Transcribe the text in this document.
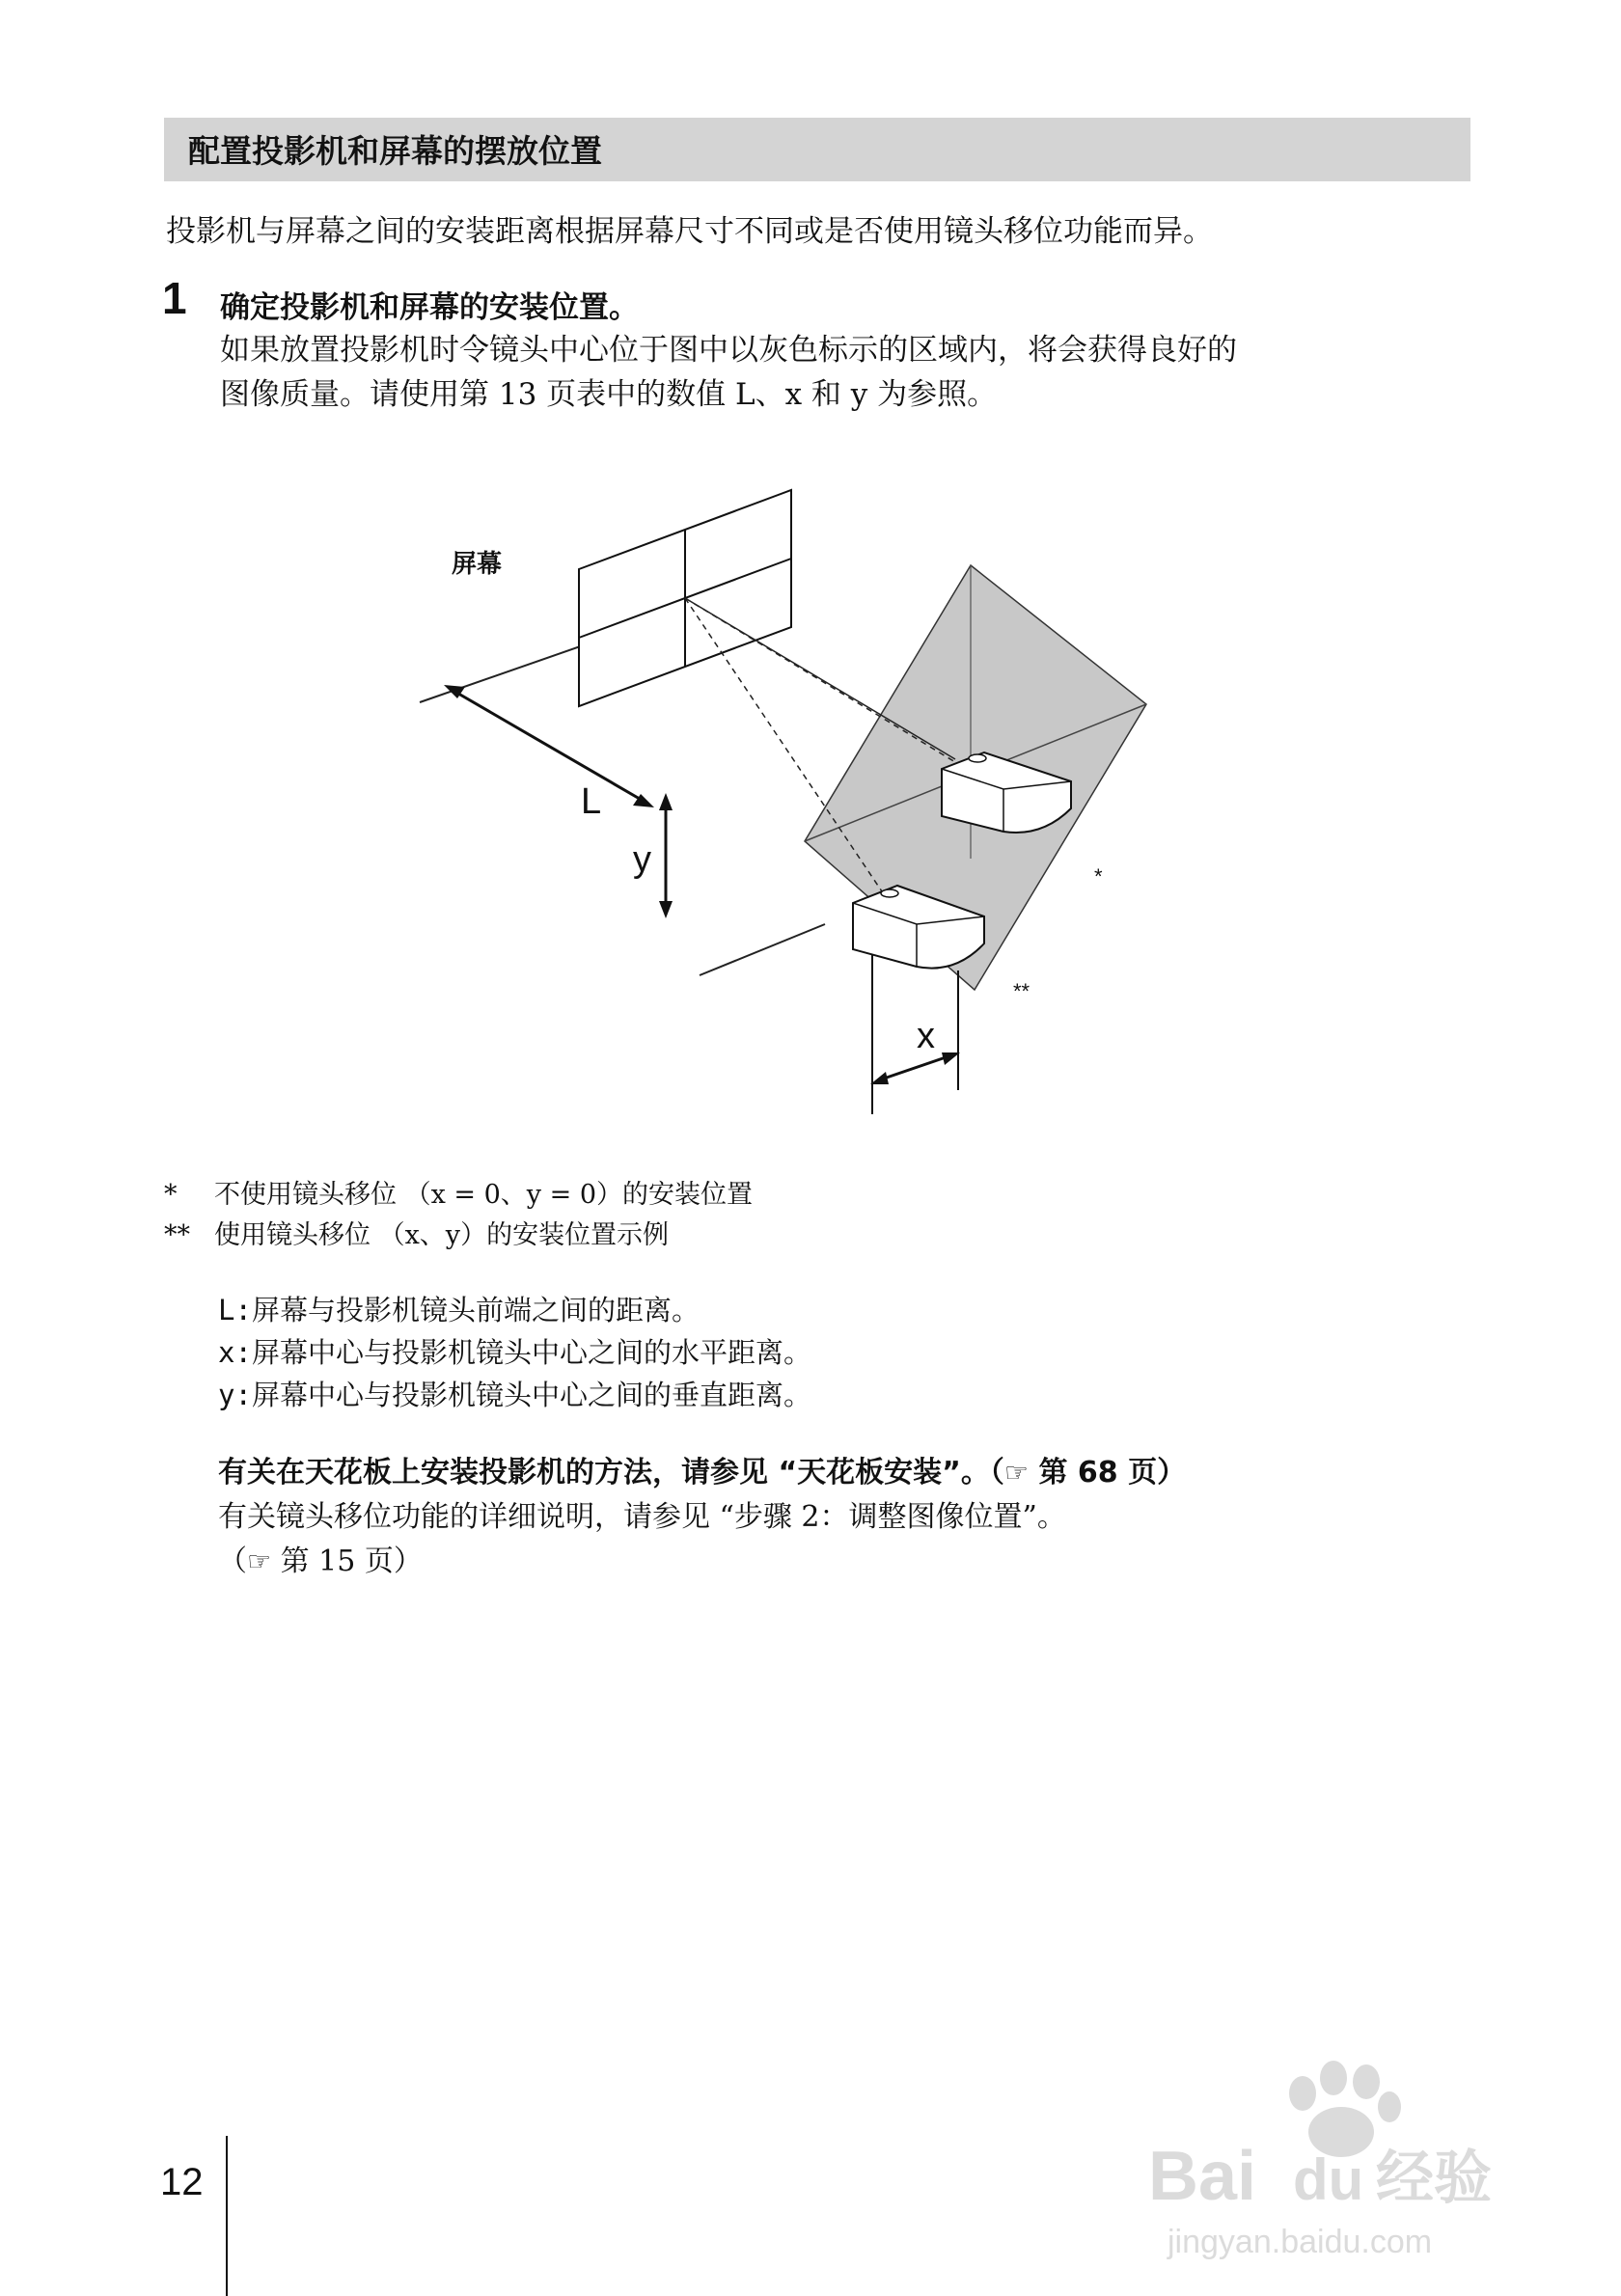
配置投影机和屏幕的摆放位置
投影机与屏幕之间的安装距离根据屏幕尺寸不同或是否使用镜头移位功能而异。
1 确定投影机和屏幕的安装位置。

如果放置投影机时令镜头中心位于图中以灰色标示的区域内，将会获得良好的

图像质量。请使用第 13 页表中的数值 L、x 和 y 为参照。

屏幕
L
y
x
*
**
*	不使用镜头移位 （x = 0、y = 0）的安装位置
** 使用镜头移位 （x、y）的安装位置示例
L : 屏幕与投影机镜头前端之间的距离。
x : 屏幕中心与投影机镜头中心之间的水平距离。
y : 屏幕中心与投影机镜头中心之间的垂直距离。
有关在天花板上安装投影机的方法，请参见 “天花板安装”。（ ☞ 第 68 页）
有关镜头移位功能的详细说明，请参见 “步骤 2：调整图像位置”。
（ ☞ 第 15 页）
12	Bai du 经验
jingyan.baidu.com
